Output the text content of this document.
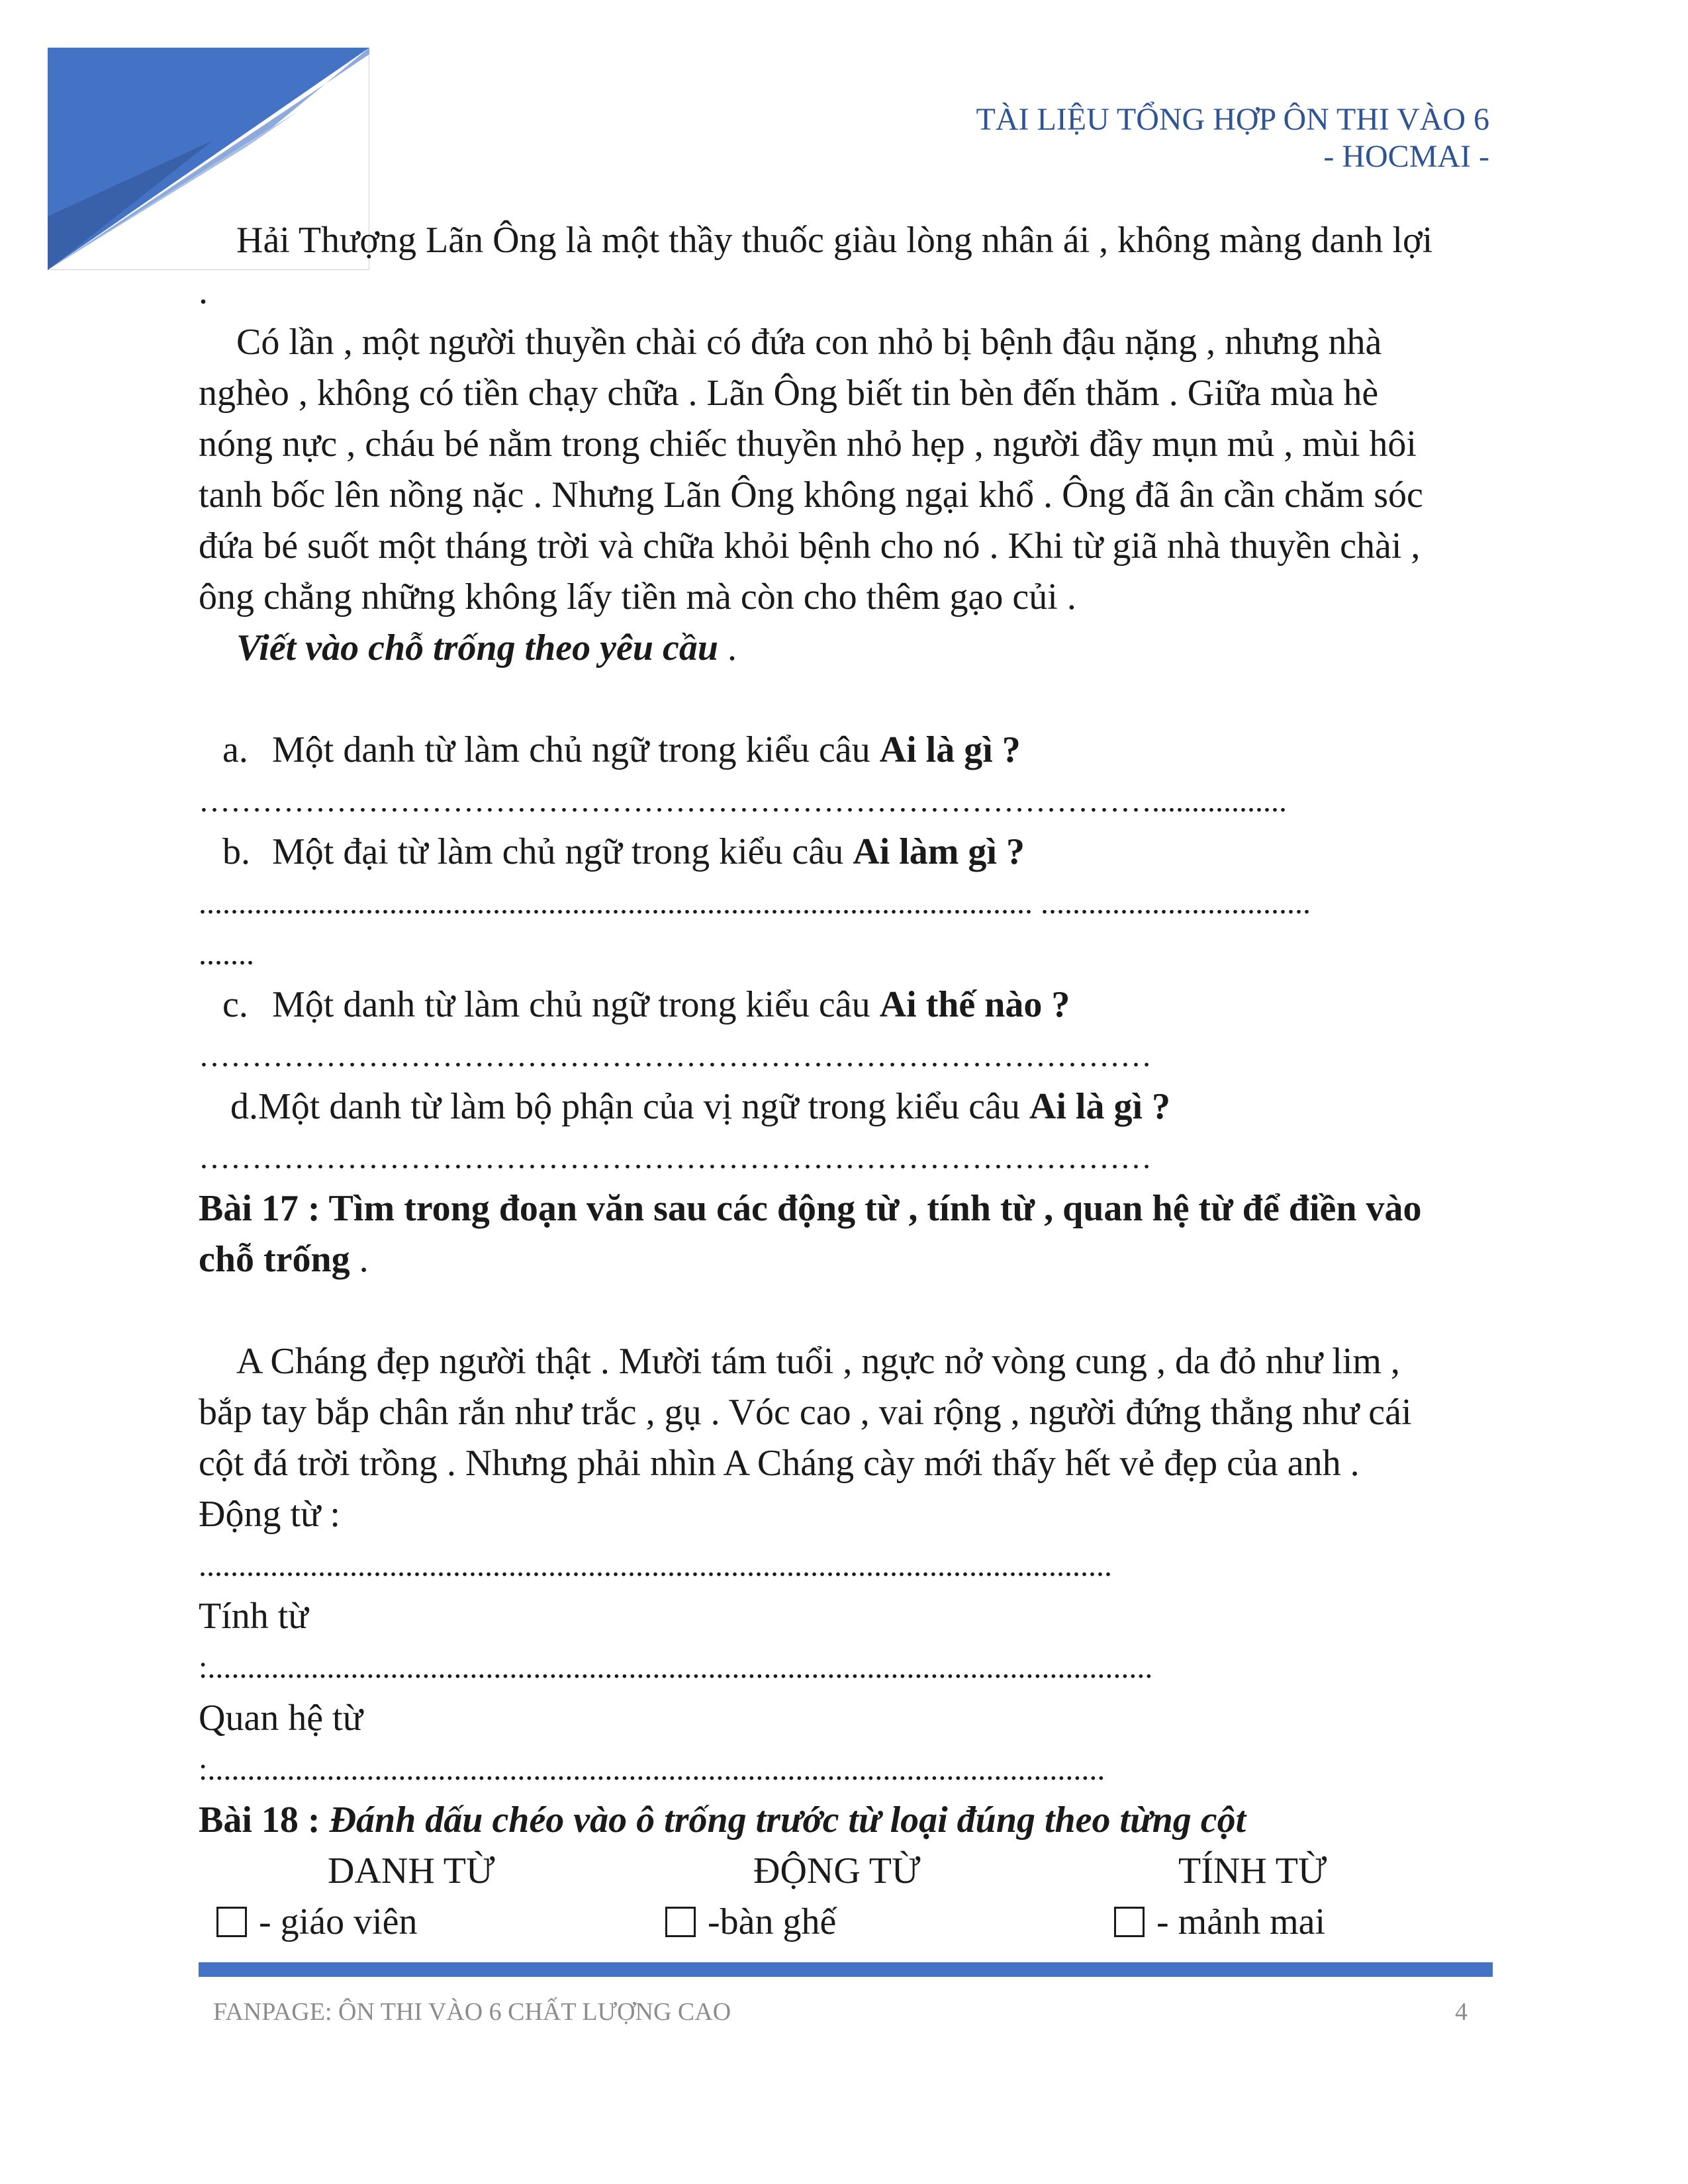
TÀI LIỆU TỔNG HỢP ÔN THI VÀO 6
- HOCMAI -
Hải Thượng Lãn Ông là một thầy thuốc giàu lòng nhân ái , không màng danh lợi
.
Có lần , một người thuyền chài có đứa con nhỏ bị bệnh đậu nặng , nhưng nhà
nghèo , không có tiền chạy chữa . Lãn Ông biết tin bèn đến thăm . Giữa mùa hè
nóng nực , cháu bé nằm trong chiếc thuyền nhỏ hẹp , người đầy mụn mủ , mùi hôi
tanh bốc lên nồng nặc . Nhưng Lãn Ông không ngại khổ . Ông đã ân cần chăm sóc
đứa bé suốt một tháng trời và chữa khỏi bệnh cho nó . Khi từ giã nhà thuyền chài ,
ông chẳng những không lấy tiền mà còn cho thêm gạo củi .
Viết vào chỗ trống theo yêu cầu .
a. Một danh từ làm chủ ngữ trong kiểu câu Ai là gì ?
……………………………………………………………………………….................
b. Một đại từ làm chủ ngữ trong kiểu câu Ai làm gì ?
......................................................................................................... ..................................
.......
c. Một danh từ làm chủ ngữ trong kiểu câu Ai thế nào ?
………………………………………………………………………………
d.Một danh từ làm bộ phận của vị ngữ trong kiểu câu Ai là gì ?
………………………………………………………………………………
Bài 17 : Tìm trong đoạn văn sau các động từ , tính từ , quan hệ từ để điền vào
chỗ trống .
A Cháng đẹp người thật . Mười tám tuổi , ngực nở vòng cung , da đỏ như lim ,
bắp tay bắp chân rắn như trắc , gụ . Vóc cao , vai rộng , người đứng thẳng như cái
cột đá trời trồng . Nhưng phải nhìn A Cháng cày mới thấy hết vẻ đẹp của anh .
Động từ :
...................................................................................................................
Tính từ
:.......................................................................................................................
Quan hệ từ
:.................................................................................................................
Bài 18 : Đánh dấu chéo vào ô trống trước từ loại đúng theo từng cột
DANH TỪ	ĐỘNG TỪ	TÍNH TỪ
- giáo viên	-bàn ghế	- mảnh mai
FANPAGE: ÔN THI VÀO 6 CHẤT LƯỢNG CAO	4
